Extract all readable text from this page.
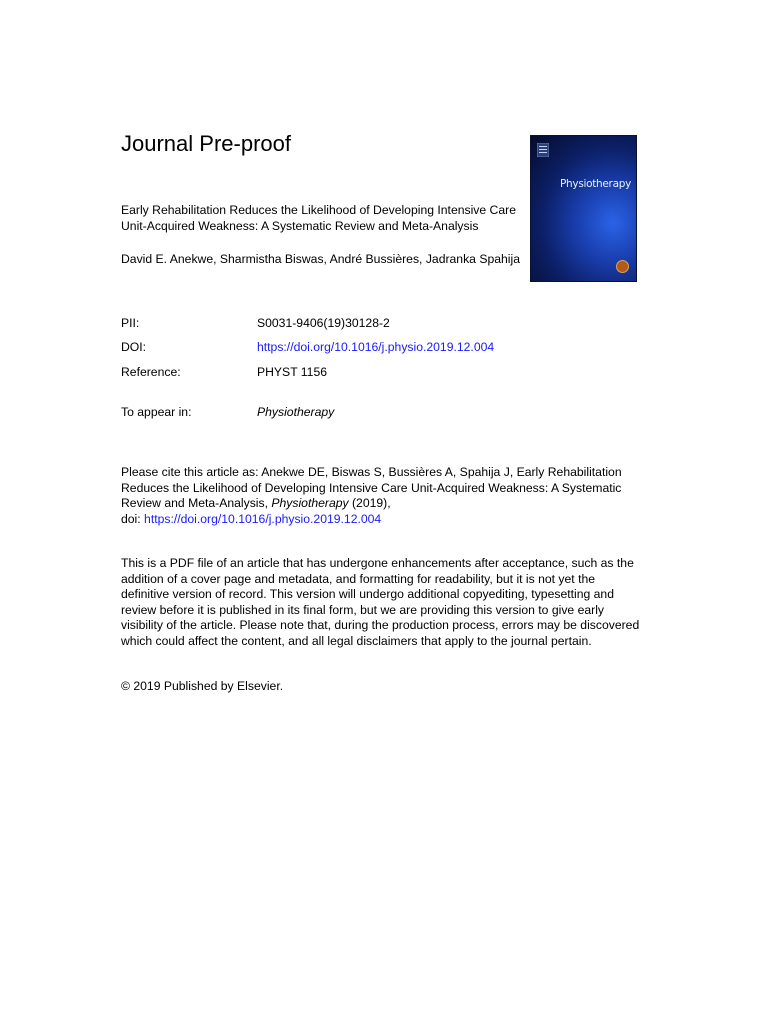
Journal Pre-proof
Early Rehabilitation Reduces the Likelihood of Developing Intensive Care Unit-Acquired Weakness: A Systematic Review and Meta-Analysis
David E. Anekwe, Sharmistha Biswas, André Bussières, Jadranka Spahija
Physiotherapy
PII:	S0031-9406(19)30128-2
DOI:	https://doi.org/10.1016/j.physio.2019.12.004
Reference:	PHYST 1156
To appear in:	Physiotherapy
Please cite this article as: Anekwe DE, Biswas S, Bussières A, Spahija J, Early Rehabilitation Reduces the Likelihood of Developing Intensive Care Unit-Acquired Weakness: A Systematic Review and Meta-Analysis, Physiotherapy (2019),
doi: https://doi.org/10.1016/j.physio.2019.12.004
This is a PDF file of an article that has undergone enhancements after acceptance, such as the addition of a cover page and metadata, and formatting for readability, but it is not yet the definitive version of record. This version will undergo additional copyediting, typesetting and review before it is published in its final form, but we are providing this version to give early visibility of the article. Please note that, during the production process, errors may be discovered which could affect the content, and all legal disclaimers that apply to the journal pertain.
© 2019 Published by Elsevier.
